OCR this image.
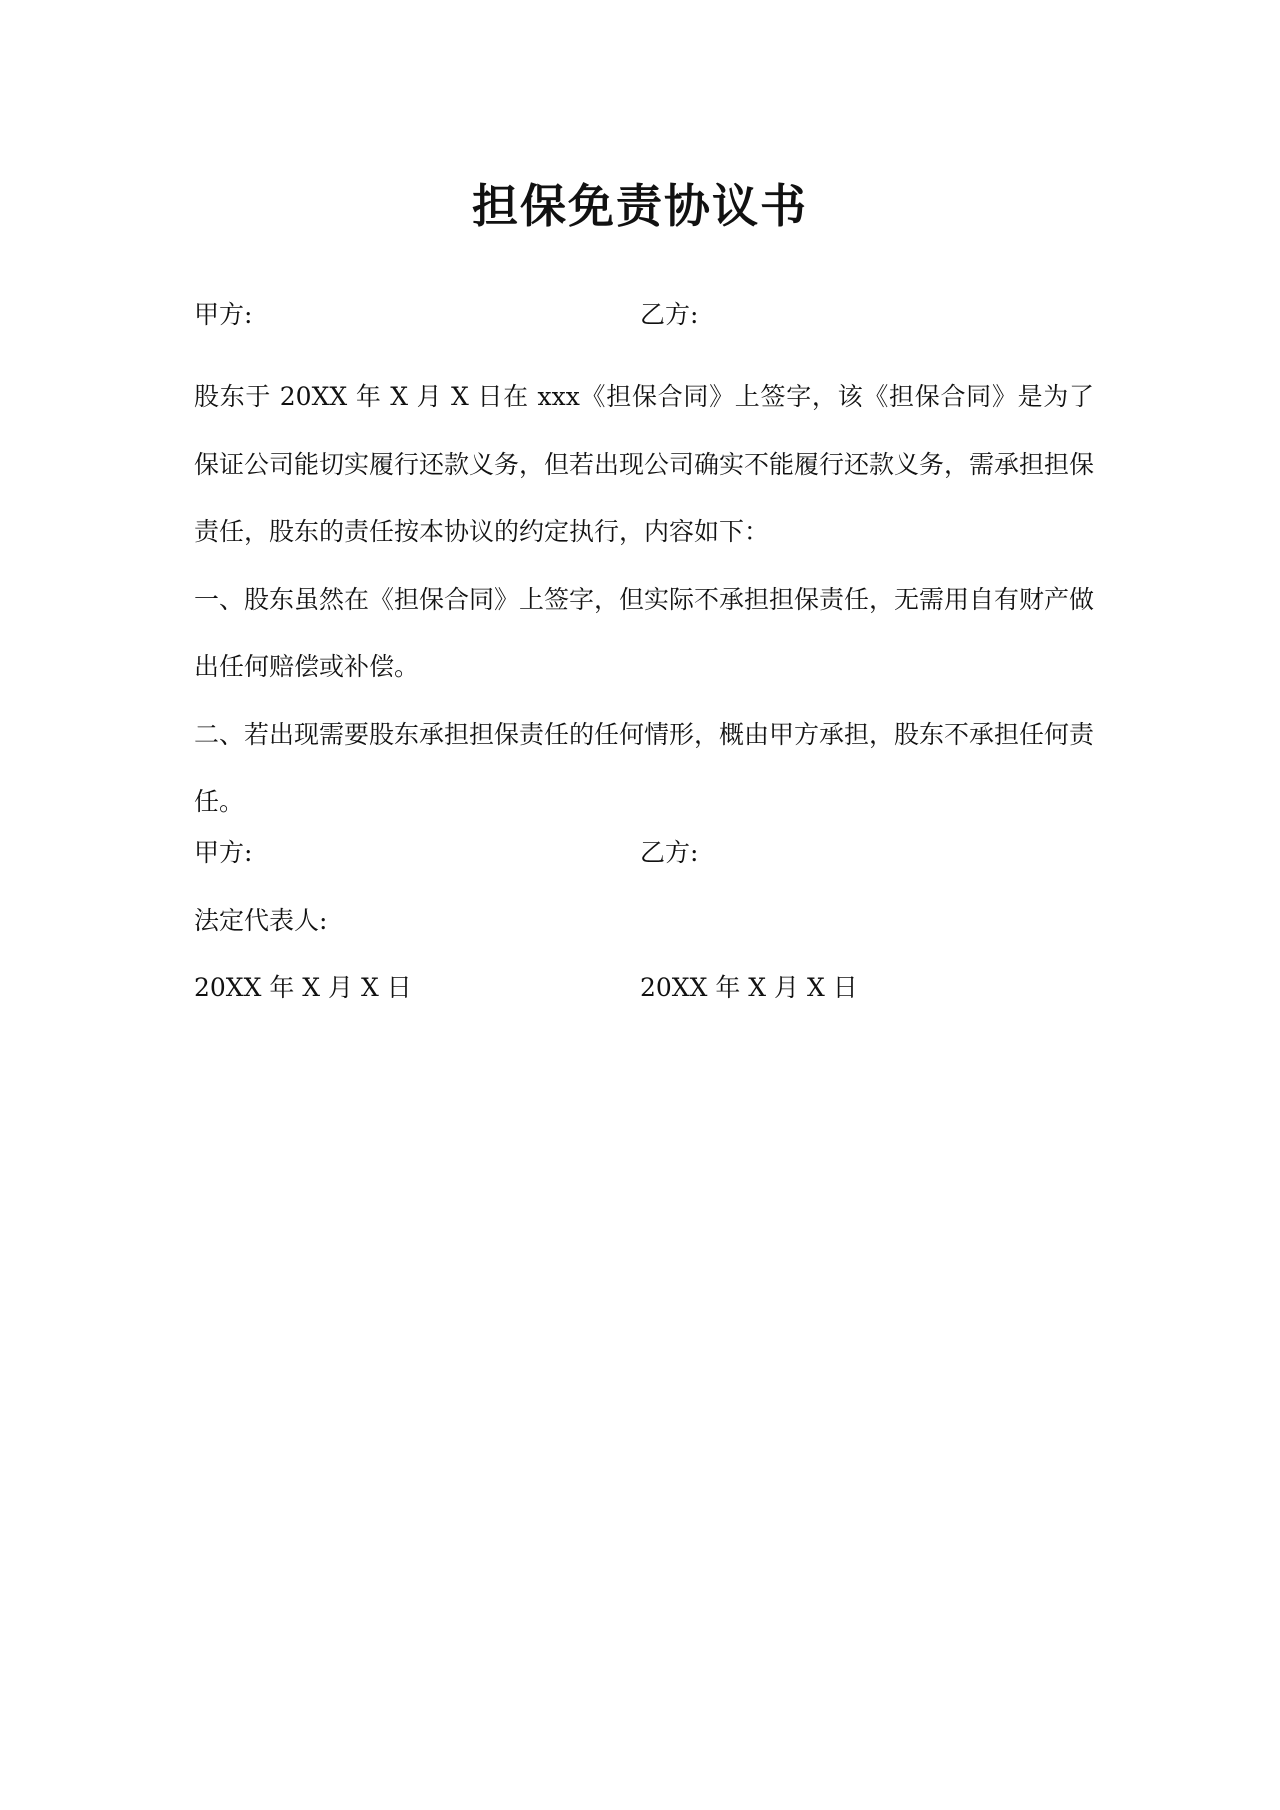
担保免责协议书
甲方:	乙方:

股东于 20XX 年 X 月 X 日在 xxx《担保合同》上签字，该《担保合同》是为了保证公司能切实履行还款义务，但若出现公司确实不能履行还款义务，需承担担保责任，股东的责任按本协议的约定执行，内容如下：

一、股东虽然在《担保合同》上签字，但实际不承担担保责任，无需用自有财产做出任何赔偿或补偿。

二、若出现需要股东承担担保责任的任何情形，概由甲方承担，股东不承担任何责任。

甲方:	乙方:
法定代表人:
20XX 年 X 月 X 日	20XX 年 X 月 X 日
